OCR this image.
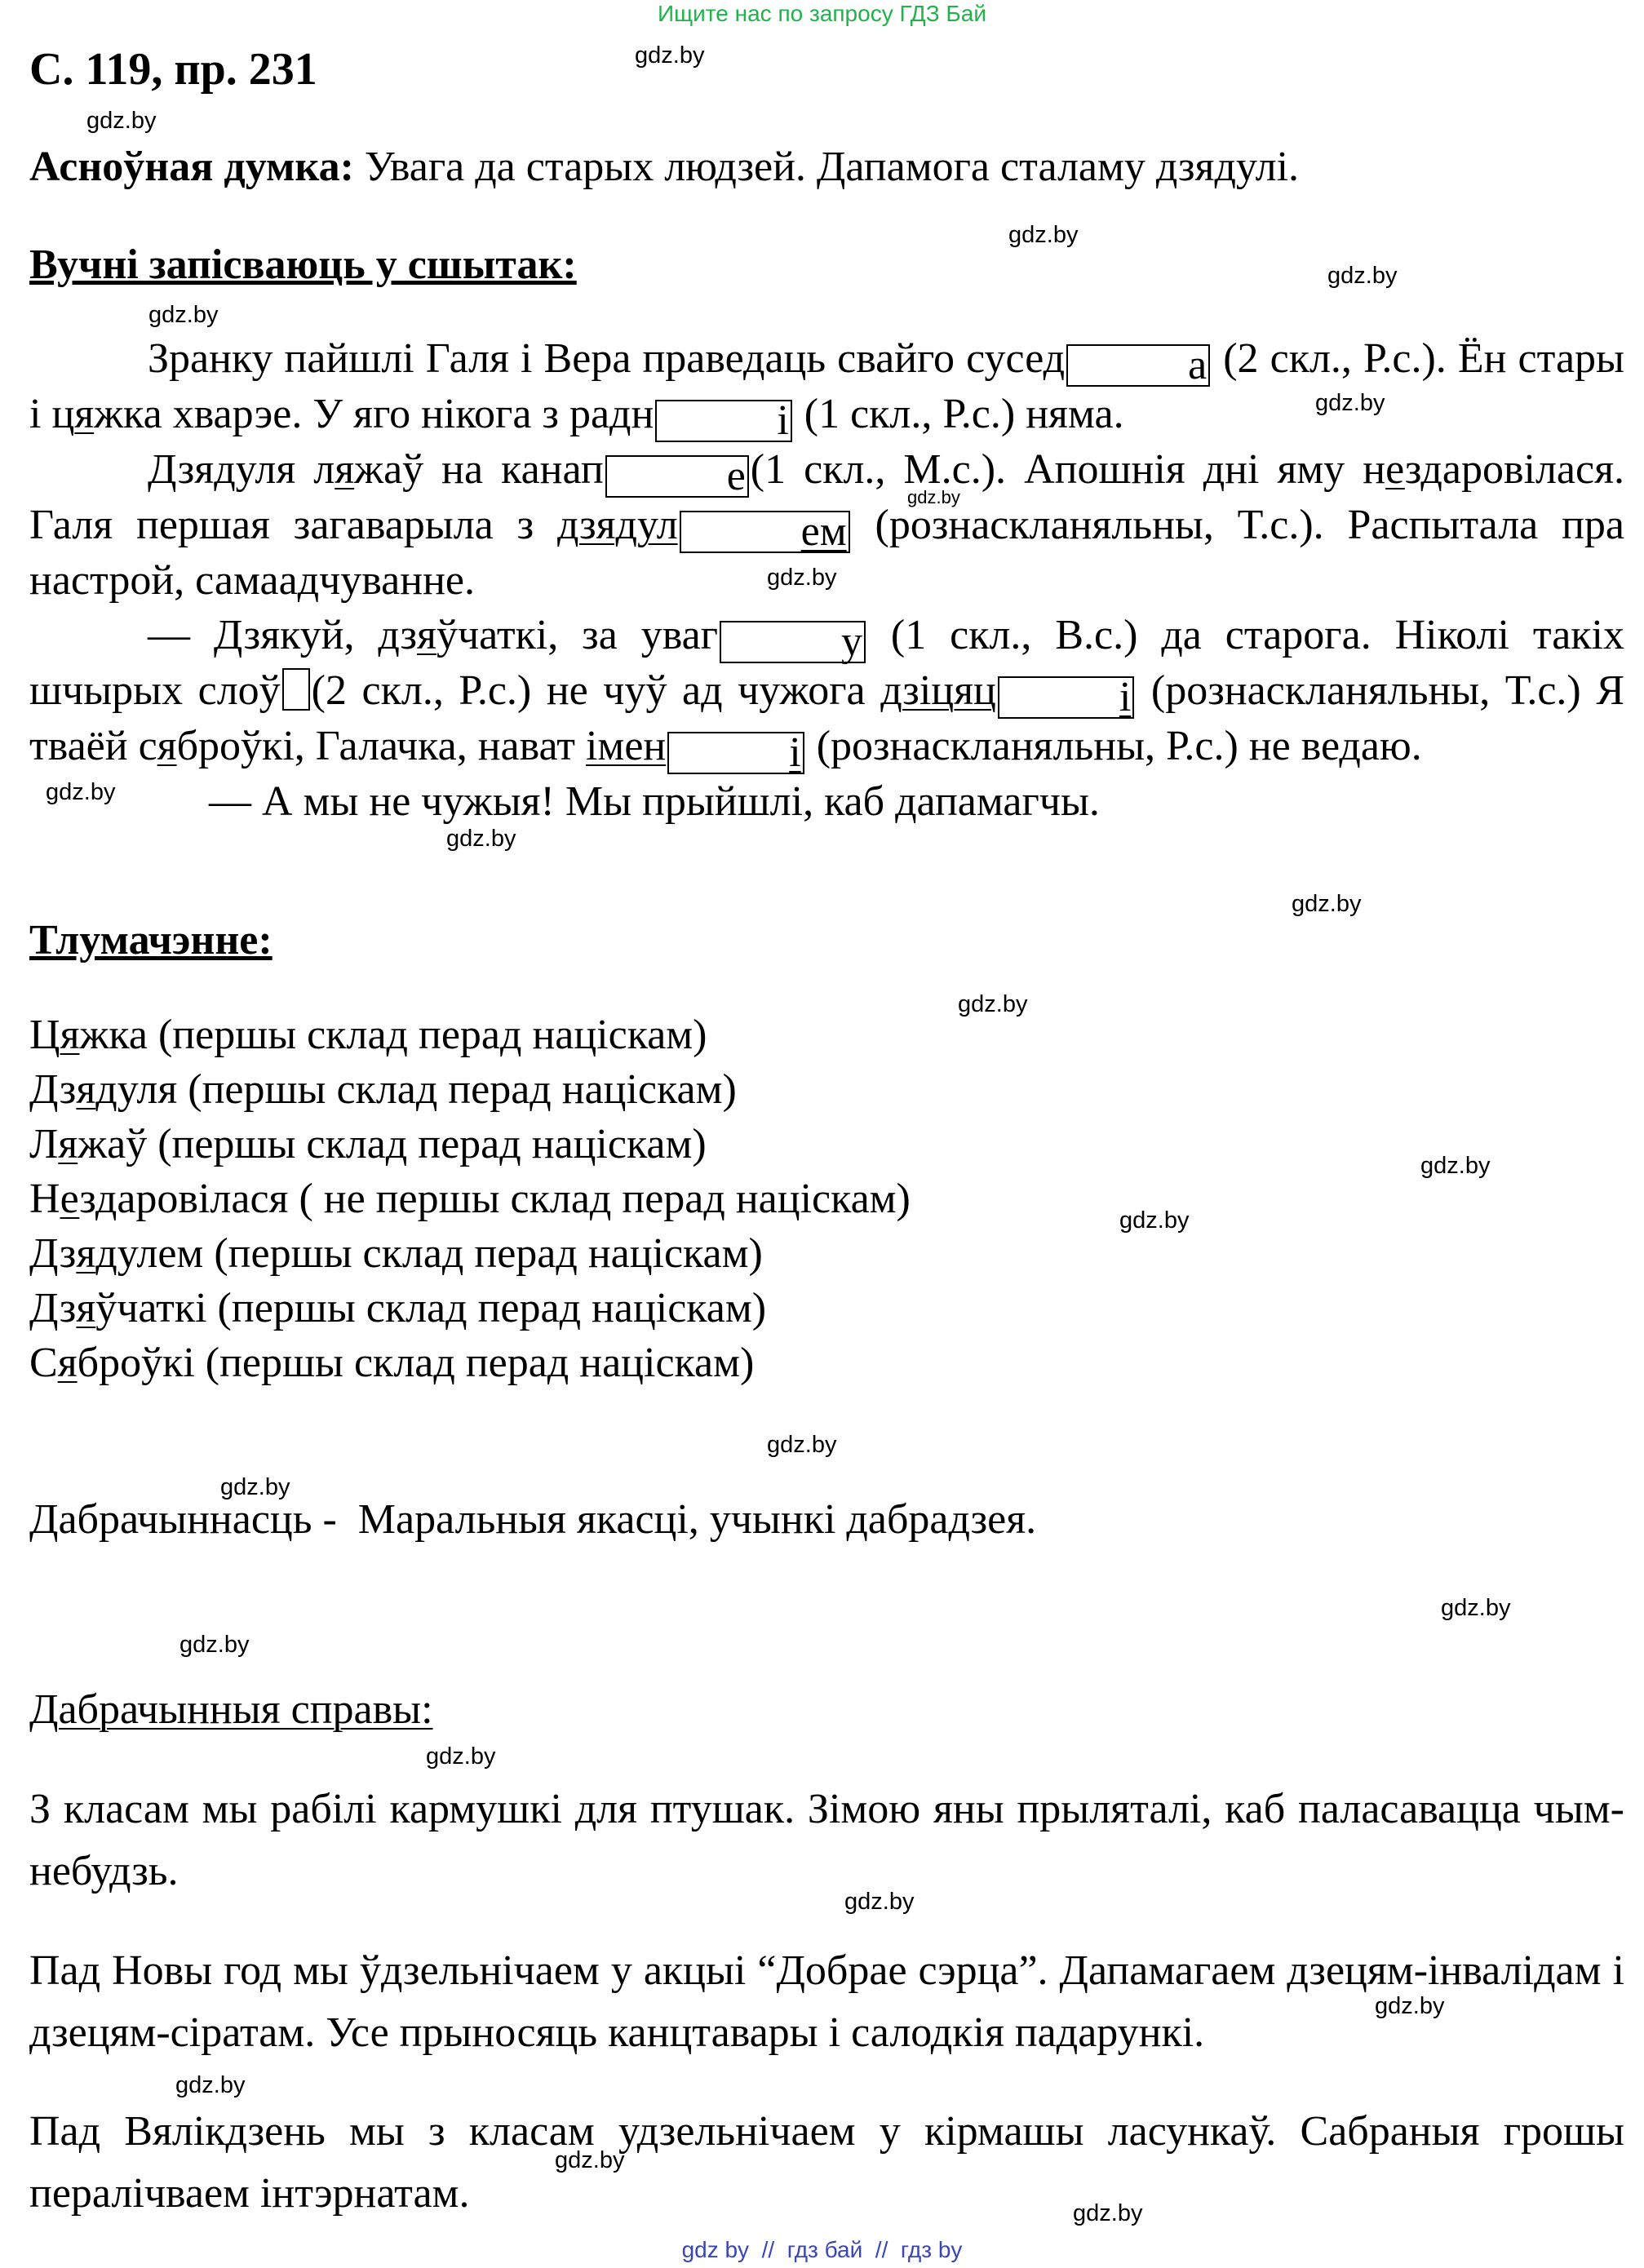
Ищите нас по запросу ГДЗ Бай
gdz.by
gdz.by
gdz.by
gdz.by
gdz.by
gdz.by
gdz.by
gdz.by
gdz.by
gdz.by
gdz.by
gdz.by
gdz.by
gdz.by
gdz.by
gdz.by
gdz.by
gdz.by
gdz.by
gdz.by
gdz.by
gdz.by
gdz.by
gdz.by
С. 119, пр. 231
Асноўная думка: Увага да старых людзей. Дапамога сталаму дзядулі.
Вучні запісваюць у сшытак:

Зранку пайшлі Галя і Вера праведаць свайго сусед	а (2 скл., Р.с.). Ён стары і цяжка хварэе. У яго нікога з радн	і (1 скл., Р.с.) няма.

Дзядуля ляжаў на канап	е (1 скл., М.с.). Апошнія дні яму нездаровілася. Галя першая загаварыла з дзядул	ем (рознаскланяльны, Т.с.). Распытала пра настрой, самаадчуванне.

— Дзякуй, дзяўчаткі, за уваг	у (1 скл., В.с.) да старога. Ніколі такіх шчырых слоў (2 скл., Р.с.) не чуў ад чужога дзіцяц	і (рознаскланяльны, Т.с.) Я тваёй сяброўкі, Галачка, нават імен	і (рознаскланяльны, Р.с.) не ведаю.

— А мы не чужыя! Мы прыйшлі, каб дапамагчы.

Тлумачэнне:
Цяжка (першы склад перад націскам)
Дзядуля (першы склад перад націскам)
Ляжаў (першы склад перад націскам)
Нездаровілася ( не першы склад перад націскам)
Дзядулем (першы склад перад націскам)
Дзяўчаткі (першы склад перад націскам)
Сяброўкі (першы склад перад націскам)
Дабрачыннасць -  Маральныя якасці, учынкі дабрадзея.
Дабрачынныя справы:
З класам мы рабілі кармушкі для птушак. Зімою яны прыляталі, каб паласавацца чым-небудзь.
Пад Новы год мы ўдзельнічаем у акцыі “Добрае сэрца”. Дапамагаем дзецям-інвалідам і дзецям-сіратам. Усе прыносяць канцтавары і салодкія падарункі.
Пад Вялікдзень мы з класам удзельнічаем у кірмашы ласункаў. Сабраныя грошы пералічваем інтэрнатам.
gdz by  //  гдз бай  //  гдз by
